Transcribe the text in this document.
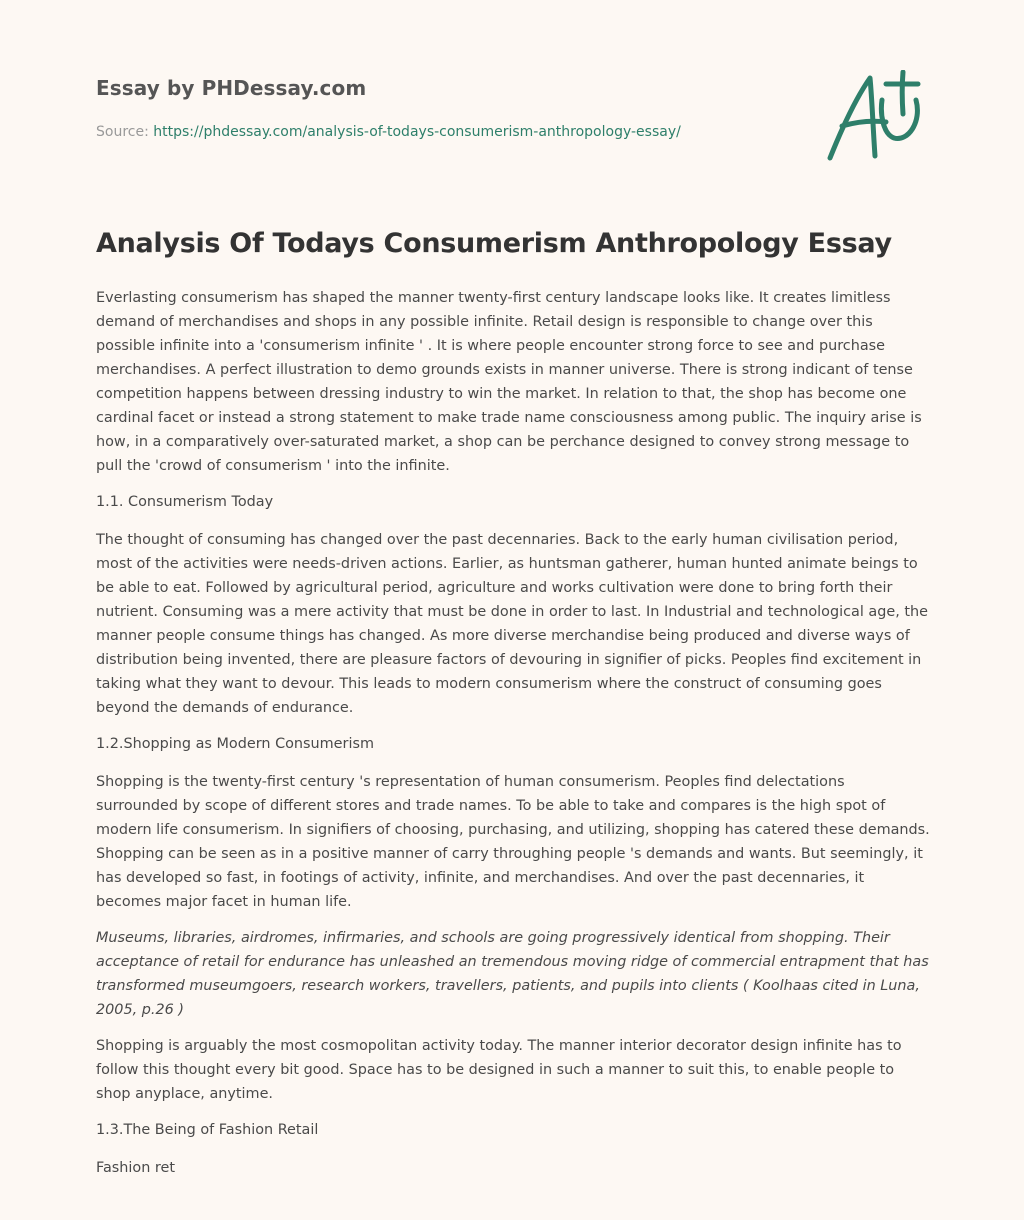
Essay by PHDessay.com
Source: https://phdessay.com/analysis-of-todays-consumerism-anthropology-essay/
Analysis Of Todays Consumerism Anthropology Essay

Everlasting consumerism has shaped the manner twenty-first century landscape looks like. It creates limitless demand of merchandises and shops in any possible infinite. Retail design is responsible to change over this possible infinite into a 'consumerism infinite ' . It is where people encounter strong force to see and purchase merchandises. A perfect illustration to demo grounds exists in manner universe. There is strong indicant of tense competition happens between dressing industry to win the market. In relation to that, the shop has become one cardinal facet or instead a strong statement to make trade name consciousness among public. The inquiry arise is how, in a comparatively over-saturated market, a shop can be perchance designed to convey strong message to pull the 'crowd of consumerism ' into the infinite.

1.1. Consumerism Today

The thought of consuming has changed over the past decennaries. Back to the early human civilisation period, most of the activities were needs-driven actions. Earlier, as huntsman gatherer, human hunted animate beings to be able to eat. Followed by agricultural period, agriculture and works cultivation were done to bring forth their nutrient. Consuming was a mere activity that must be done in order to last. In Industrial and technological age, the manner people consume things has changed. As more diverse merchandise being produced and diverse ways of distribution being invented, there are pleasure factors of devouring in signifier of picks. Peoples find excitement in taking what they want to devour. This leads to modern consumerism where the construct of consuming goes beyond the demands of endurance.

1.2.Shopping as Modern Consumerism

Shopping is the twenty-first century 's representation of human consumerism. Peoples find delectations surrounded by scope of different stores and trade names. To be able to take and compares is the high spot of modern life consumerism. In signifiers of choosing, purchasing, and utilizing, shopping has catered these demands. Shopping can be seen as in a positive manner of carry throughing people 's demands and wants. But seemingly, it has developed so fast, in footings of activity, infinite, and merchandises. And over the past decennaries, it becomes major facet in human life.

Museums, libraries, airdromes, infirmaries, and schools are going progressively identical from shopping. Their acceptance of retail for endurance has unleashed an tremendous moving ridge of commercial entrapment that has transformed museumgoers, research workers, travellers, patients, and pupils into clients ( Koolhaas cited in Luna, 2005, p.26 )

Shopping is arguably the most cosmopolitan activity today. The manner interior decorator design infinite has to follow this thought every bit good. Space has to be designed in such a manner to suit this, to enable people to shop anyplace, anytime.

1.3.The Being of Fashion Retail

Fashion ret
